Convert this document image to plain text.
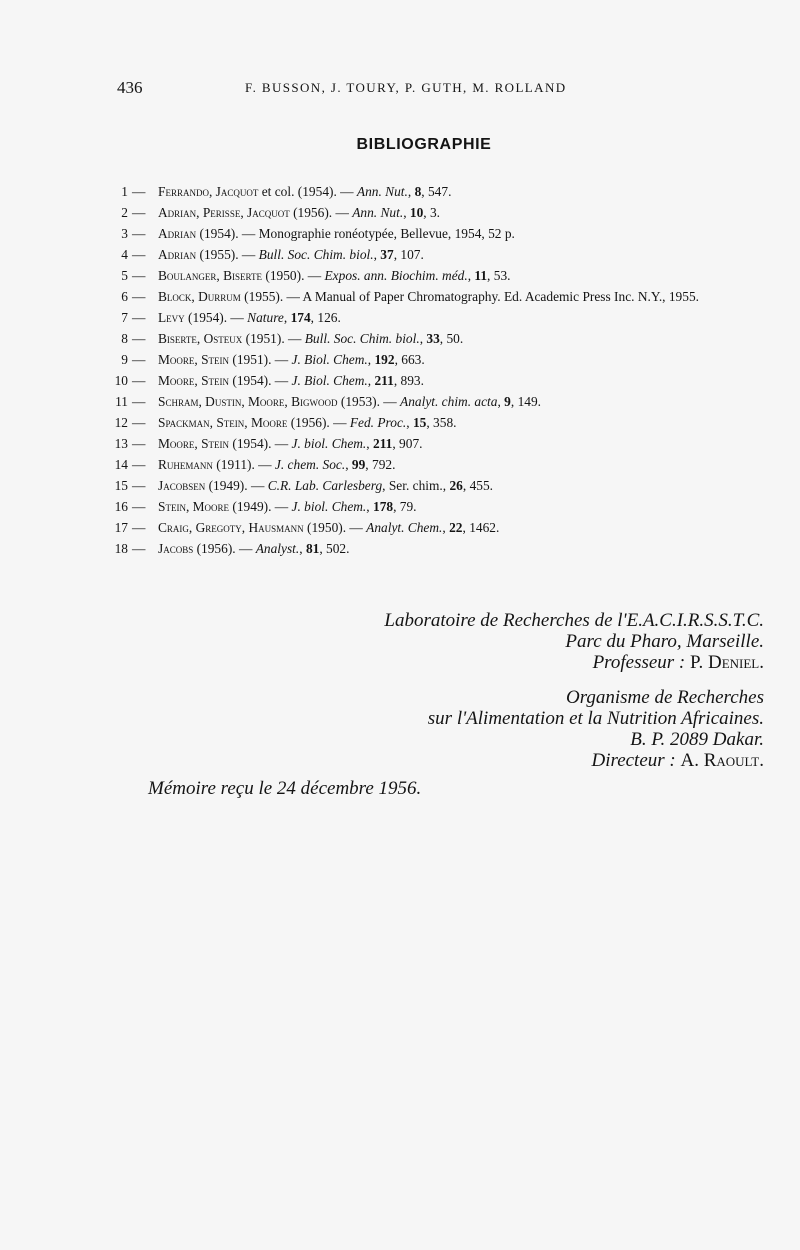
436	F. BUSSON, J. TOURY, P. GUTH, M. ROLLAND
BIBLIOGRAPHIE
1 — Ferrando, Jacquot et col. (1954). — Ann. Nut., 8, 547.
2 — Adrian, Perisse, Jacquot (1956). — Ann. Nut., 10, 3.
3 — Adrian (1954). — Monographie ronéotypée, Bellevue, 1954, 52 p.
4 — Adrian (1955). — Bull. Soc. Chim. biol., 37, 107.
5 — Boulanger, Biserte (1950). — Expos. ann. Biochim. méd., 11, 53.
6 — Block, Durrum (1955). — A Manual of Paper Chromatography. Ed. Academic Press Inc. N.Y., 1955.
7 — Levy (1954). — Nature, 174, 126.
8 — Biserte, Osteux (1951). — Bull. Soc. Chim. biol., 33, 50.
9 — Moore, Stein (1951). — J. Biol. Chem., 192, 663.
10 — Moore, Stein (1954). — J. Biol. Chem., 211, 893.
11 — Schram, Dustin, Moore, Bigwood (1953). — Analyt. chim. acta, 9, 149.
12 — Spackman, Stein, Moore (1956). — Fed. Proc., 15, 358.
13 — Moore, Stein (1954). — J. biol. Chem., 211, 907.
14 — Ruhemann (1911). — J. chem. Soc., 99, 792.
15 — Jacobsen (1949). — C.R. Lab. Carlesberg, Ser. chim., 26, 455.
16 — Stein, Moore (1949). — J. biol. Chem., 178, 79.
17 — Craig, Gregoty, Hausmann (1950). — Analyt. Chem., 22, 1462.
18 — Jacobs (1956). — Analyst., 81, 502.
Laboratoire de Recherches de l'E.A.C.I.R.S.S.T.C.
Parc du Pharo, Marseille.
Professeur : P. Deniel.
Organisme de Recherches
sur l'Alimentation et la Nutrition Africaines.
B. P. 2089 Dakar.
Directeur : A. Raoult.
Mémoire reçu le 24 décembre 1956.
